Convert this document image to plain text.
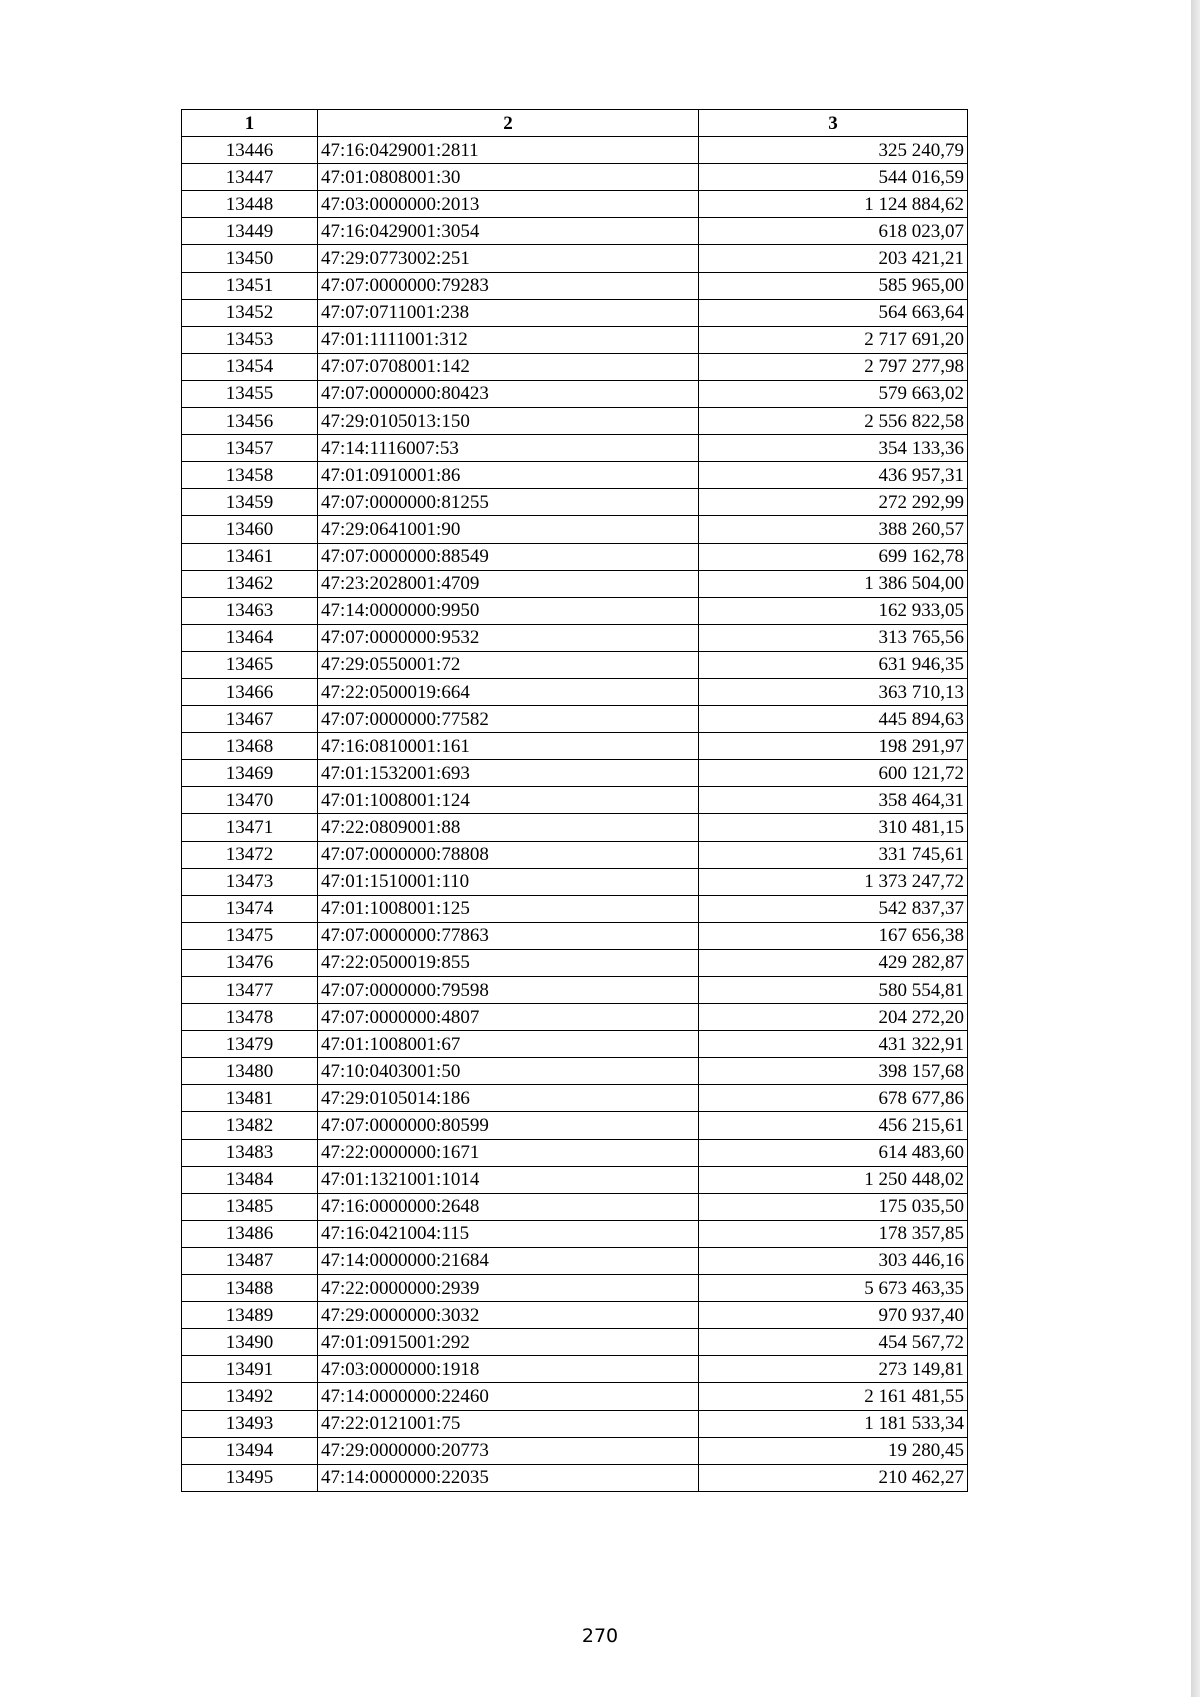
1	2	3
13446	47:16:0429001:2811	325 240,79
13447	47:01:0808001:30	544 016,59
13448	47:03:0000000:2013	1 124 884,62
13449	47:16:0429001:3054	618 023,07
13450	47:29:0773002:251	203 421,21
13451	47:07:0000000:79283	585 965,00
13452	47:07:0711001:238	564 663,64
13453	47:01:1111001:312	2 717 691,20
13454	47:07:0708001:142	2 797 277,98
13455	47:07:0000000:80423	579 663,02
13456	47:29:0105013:150	2 556 822,58
13457	47:14:1116007:53	354 133,36
13458	47:01:0910001:86	436 957,31
13459	47:07:0000000:81255	272 292,99
13460	47:29:0641001:90	388 260,57
13461	47:07:0000000:88549	699 162,78
13462	47:23:2028001:4709	1 386 504,00
13463	47:14:0000000:9950	162 933,05
13464	47:07:0000000:9532	313 765,56
13465	47:29:0550001:72	631 946,35
13466	47:22:0500019:664	363 710,13
13467	47:07:0000000:77582	445 894,63
13468	47:16:0810001:161	198 291,97
13469	47:01:1532001:693	600 121,72
13470	47:01:1008001:124	358 464,31
13471	47:22:0809001:88	310 481,15
13472	47:07:0000000:78808	331 745,61
13473	47:01:1510001:110	1 373 247,72
13474	47:01:1008001:125	542 837,37
13475	47:07:0000000:77863	167 656,38
13476	47:22:0500019:855	429 282,87
13477	47:07:0000000:79598	580 554,81
13478	47:07:0000000:4807	204 272,20
13479	47:01:1008001:67	431 322,91
13480	47:10:0403001:50	398 157,68
13481	47:29:0105014:186	678 677,86
13482	47:07:0000000:80599	456 215,61
13483	47:22:0000000:1671	614 483,60
13484	47:01:1321001:1014	1 250 448,02
13485	47:16:0000000:2648	175 035,50
13486	47:16:0421004:115	178 357,85
13487	47:14:0000000:21684	303 446,16
13488	47:22:0000000:2939	5 673 463,35
13489	47:29:0000000:3032	970 937,40
13490	47:01:0915001:292	454 567,72
13491	47:03:0000000:1918	273 149,81
13492	47:14:0000000:22460	2 161 481,55
13493	47:22:0121001:75	1 181 533,34
13494	47:29:0000000:20773	19 280,45
13495	47:14:0000000:22035	210 462,27
270
